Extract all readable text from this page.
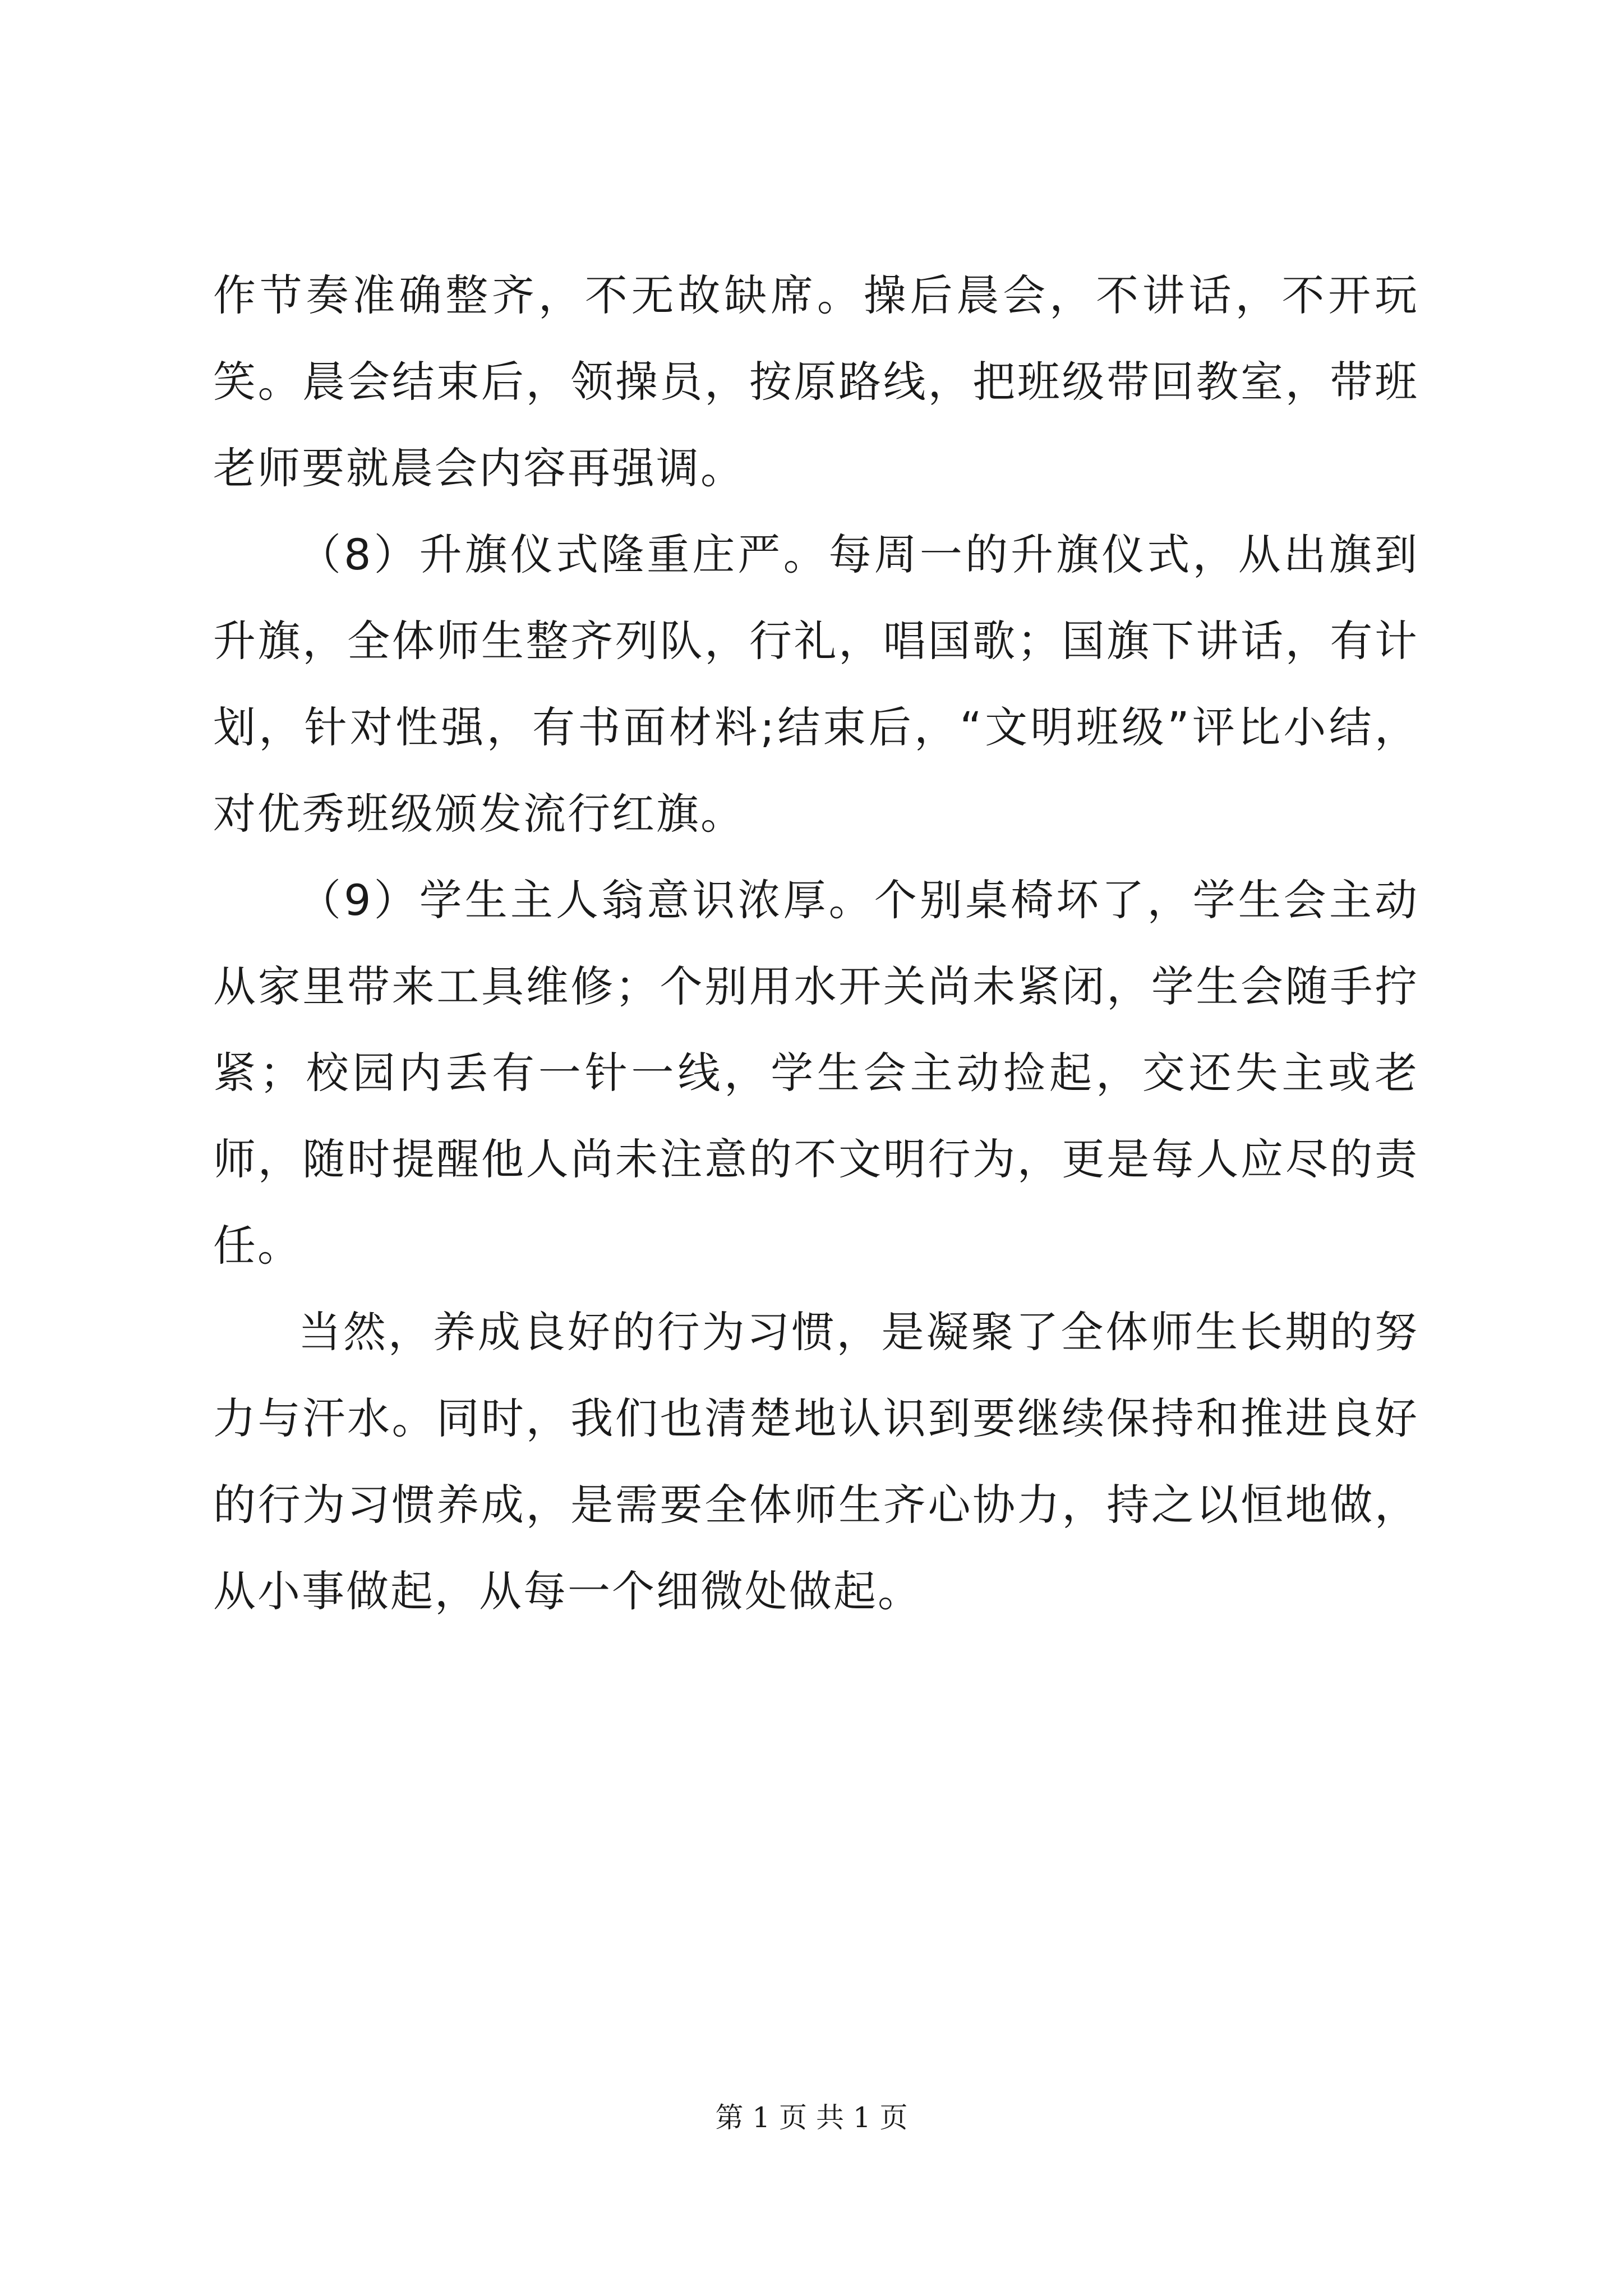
作节奏准确整齐，不无故缺席。操后晨会，不讲话，不开玩笑。晨会结束后，领操员，按原路线，把班级带回教室，带班老师要就晨会内容再强调。

（8）升旗仪式隆重庄严。每周一的升旗仪式，从出旗到升旗，全体师生整齐列队，行礼，唱国歌；国旗下讲话，有计划，针对性强，有书面材料;结束后，“文明班级”评比小结，对优秀班级颁发流行红旗。

（9）学生主人翁意识浓厚。个别桌椅坏了，学生会主动从家里带来工具维修；个别用水开关尚未紧闭，学生会随手拧紧；校园内丢有一针一线，学生会主动捡起，交还失主或老师，随时提醒他人尚未注意的不文明行为，更是每人应尽的责任。

当然，养成良好的行为习惯，是凝聚了全体师生长期的努力与汗水。同时，我们也清楚地认识到要继续保持和推进良好的行为习惯养成，是需要全体师生齐心协力，持之以恒地做，从小事做起，从每一个细微处做起。

第 1 页 共 1 页
